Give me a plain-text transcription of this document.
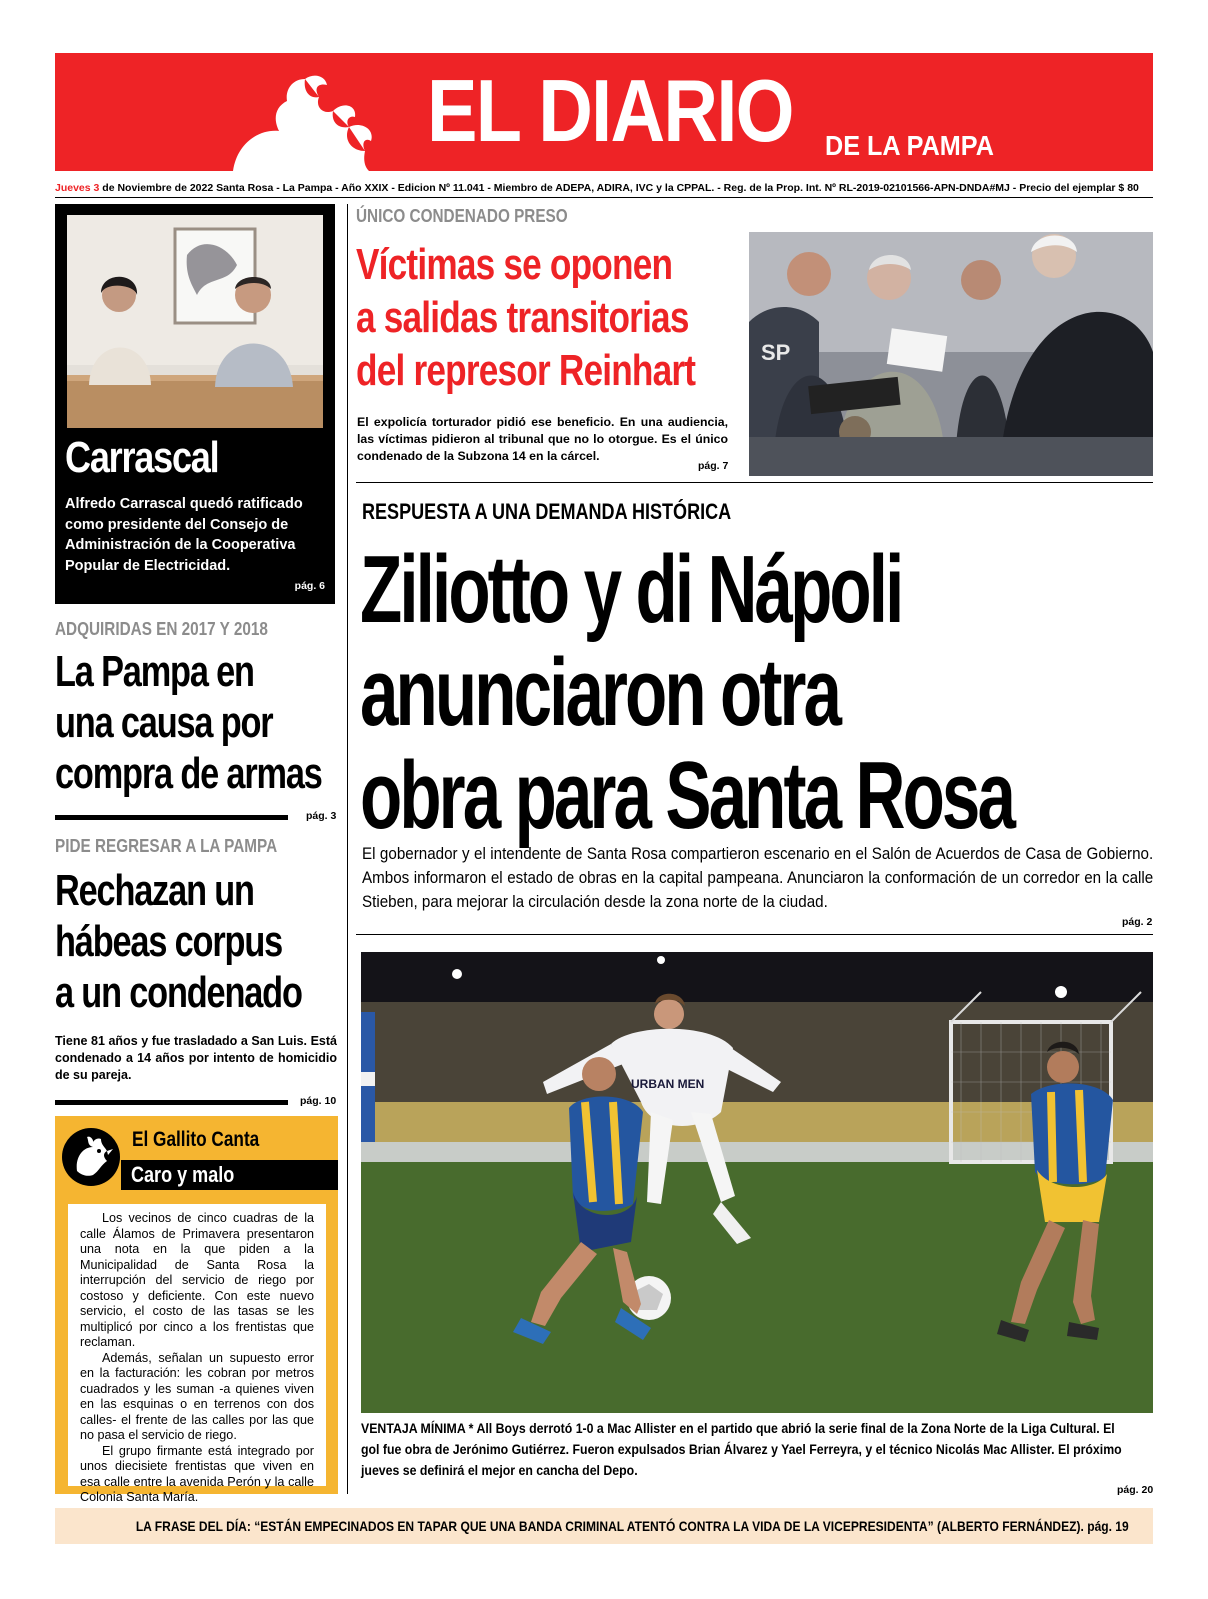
EL DIARIO DE LA PAMPA
Jueves 3 de Noviembre de 2022 Santa Rosa - La Pampa - Año XXIX - Edicion Nº 11.041 - Miembro de ADEPA, ADIRA, IVC y la CPPAL. - Reg. de la Prop. Int. Nº RL-2019-02101566-APN-DNDA#MJ - Precio del ejemplar $ 80
Carrascal
Alfredo Carrascal quedó ratificado como presidente del Consejo de Administración de la Cooperativa Popular de Electricidad.
pág. 6
ADQUIRIDAS EN 2017 Y 2018
La Pampa en
una causa por
compra de armas
pág. 3
PIDE REGRESAR A LA PAMPA
Rechazan un
hábeas corpus
a un condenado
Tiene 81 años y fue trasladado a San Luis. Está condenado a 14 años por intento de homicidio de su pareja.
pág. 10
El Gallito Canta
Caro y malo

Los vecinos de cinco cuadras de la calle Álamos de Primavera presentaron una nota en la que piden a la Municipalidad de Santa Rosa la interrupción del servicio de riego por costoso y deficiente. Con este nuevo servicio, el costo de las tasas se les multiplicó por cinco a los frentistas que reclaman.

Además, señalan un supuesto error en la facturación: les cobran por metros cuadrados y les suman -a quienes viven en las esquinas o en terrenos con dos calles- el frente de las calles por las que no pasa el servicio de riego.

El grupo firmante está integrado por unos diecisiete frentistas que viven en esa calle entre la avenida Perón y la calle Colonia Santa María.

ÚNICO CONDENADO PRESO
Víctimas se oponen
a salidas transitorias
del represor Reinhart
El expolicía torturador pidió ese beneficio. En una audiencia, las víctimas pidieron al tribunal que no lo otorgue. Es el único condenado de la Subzona 14 en la cárcel.
pág. 7
SP
RESPUESTA A UNA DEMANDA HISTÓRICA
Ziliotto y di Nápoli
anunciaron otra
obra para Santa Rosa
El gobernador y el intendente de Santa Rosa compartieron escenario en el Salón de Acuerdos de Casa de Gobierno. Ambos informaron el estado de obras en la capital pampeana. Anunciaron la conformación de un corredor en la calle Stieben, para mejorar la circulación desde la zona norte de la ciudad.
pág. 2
URBAN MEN
VENTAJA MÍNIMA * All Boys derrotó 1-0 a Mac Allister en el partido que abrió la serie final de la Zona Norte de la Liga Cultural. El gol fue obra de Jerónimo Gutiérrez. Fueron expulsados Brian Álvarez y Yael Ferreyra, y el técnico Nicolás Mac Allister. El próximo jueves se definirá el mejor en cancha del Depo.
pág. 20
LA FRASE DEL DÍA: “ESTÁN EMPECINADOS EN TAPAR QUE UNA BANDA CRIMINAL ATENTÓ CONTRA LA VIDA DE LA VICEPRESIDENTA” (ALBERTO FERNÁNDEZ). pág. 19
